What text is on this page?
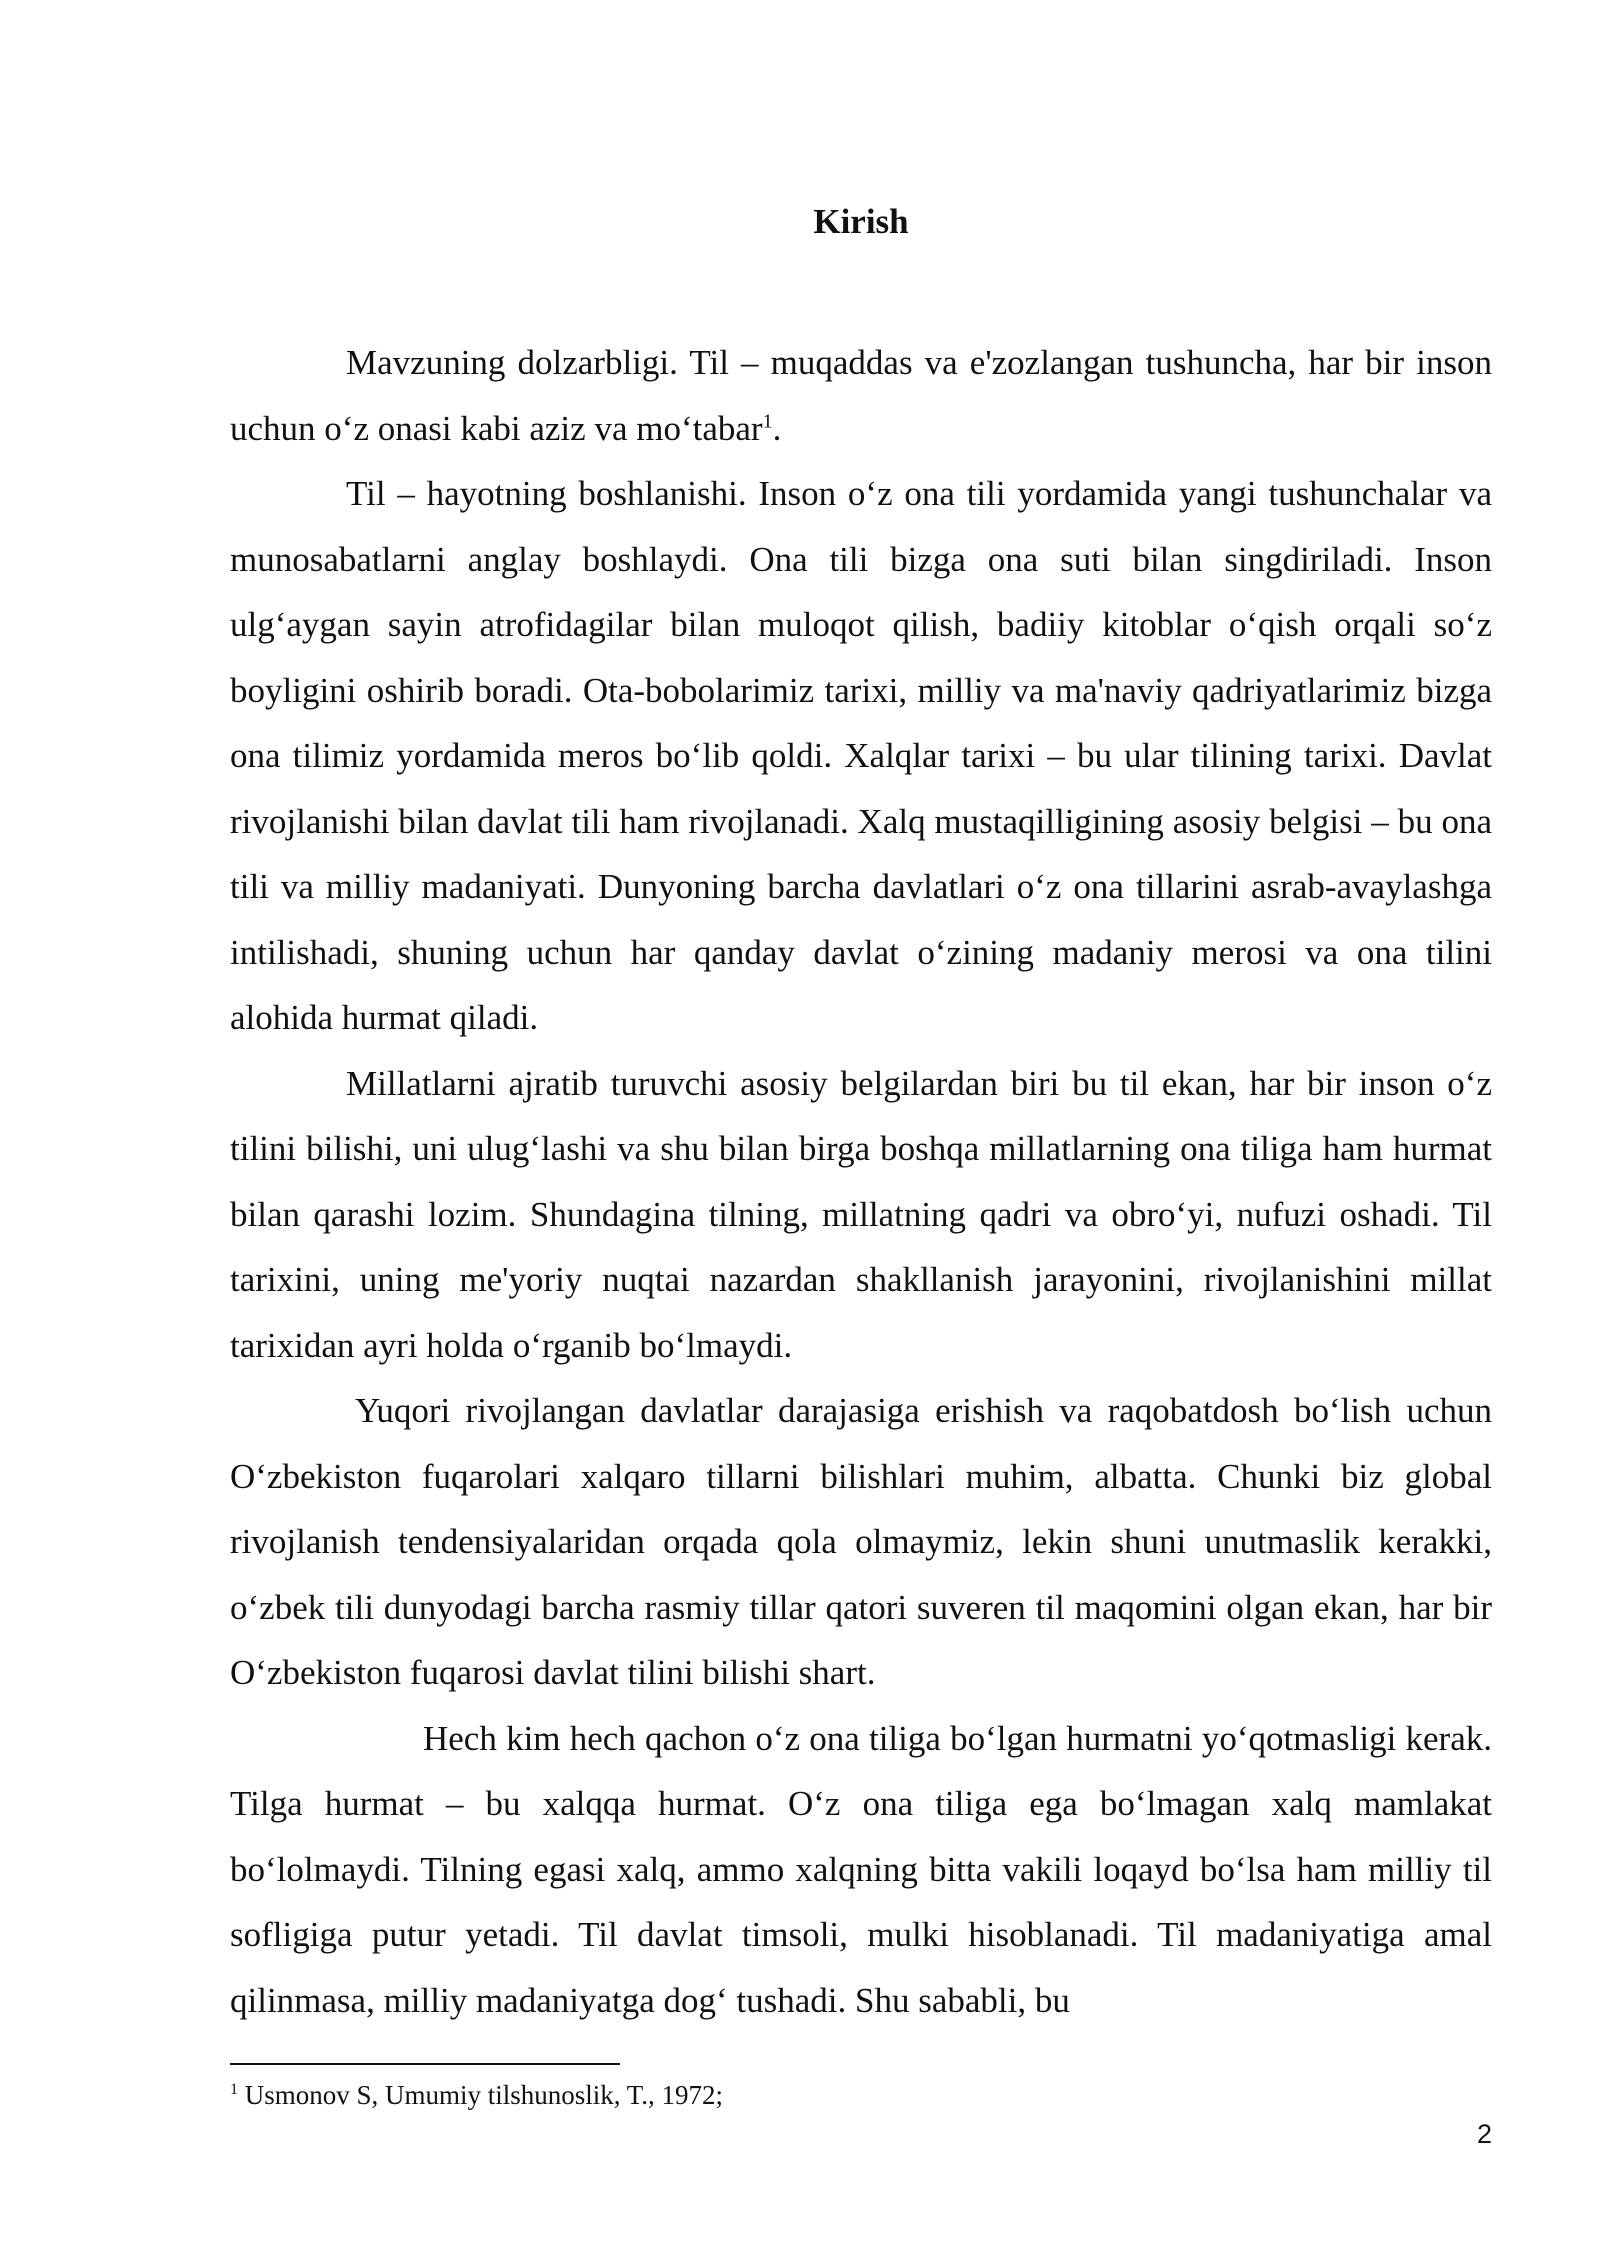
Kirish

Mavzuning dolzarbligi. Til – muqaddas va e'zozlangan tushuncha, har bir inson uchun o‘z onasi kabi aziz va mo‘tabar$^1$.

Til – hayotning boshlanishi. Inson o‘z ona tili yordamida yangi tushunchalar va munosabatlarni anglay boshlaydi. Ona tili bizga ona suti bilan singdiriladi. Inson ulg‘aygan sayin atrofidagilar bilan muloqot qilish, badiiy kitoblar o‘qish orqali so‘z boyligini oshirib boradi. Ota-bobolarimiz tarixi, milliy va ma'naviy qadriyatlarimiz bizga ona tilimiz yordamida meros bo‘lib qoldi. Xalqlar tarixi – bu ular tilining tarixi. Davlat rivojlanishi bilan davlat tili ham rivojlanadi. Xalq mustaqilligining asosiy belgisi – bu ona tili va milliy madaniyati. Dunyoning barcha davlatlari o‘z ona tillarini asrab-avaylashga intilishadi, shuning uchun har qanday davlat o‘zining madaniy merosi va ona tilini alohida hurmat qiladi.

Millatlarni ajratib turuvchi asosiy belgilardan biri bu til ekan, har bir inson o‘z tilini bilishi, uni ulug‘lashi va shu bilan birga boshqa millatlarning ona tiliga ham hurmat bilan qarashi lozim. Shundagina tilning, millatning qadri va obro‘yi, nufuzi oshadi. Til tarixini, uning me'yoriy nuqtai nazardan shakllanish jarayonini, rivojlanishini millat tarixidan ayri holda o‘rganib bo‘lmaydi.

Yuqori rivojlangan davlatlar darajasiga erishish va raqobatdosh bo‘lish uchun O‘zbekiston fuqarolari xalqaro tillarni bilishlari muhim, albatta. Chunki biz global rivojlanish tendensiyalaridan orqada qola olmaymiz, lekin shuni unutmaslik kerakki, o‘zbek tili dunyodagi barcha rasmiy tillar qatori suveren til maqomini olgan ekan, har bir O‘zbekiston fuqarosi davlat tilini bilishi shart.

Hech kim hech qachon o‘z ona tiliga bo‘lgan hurmatni yo‘qotmasligi kerak. Tilga hurmat – bu xalqqa hurmat. O‘z ona tiliga ega bo‘lmagan xalq mamlakat bo‘lolmaydi. Tilning egasi xalq, ammo xalqning bitta vakili loqayd bo‘lsa ham milliy til sofligiga putur yetadi. Til davlat timsoli, mulki hisoblanadi. Til madaniyatiga amal qilinmasa, milliy madaniyatga dog‘ tushadi. Shu sababli, bu

$^1$ Usmonov S, Umumiy tilshunoslik, T., 1972;

2
